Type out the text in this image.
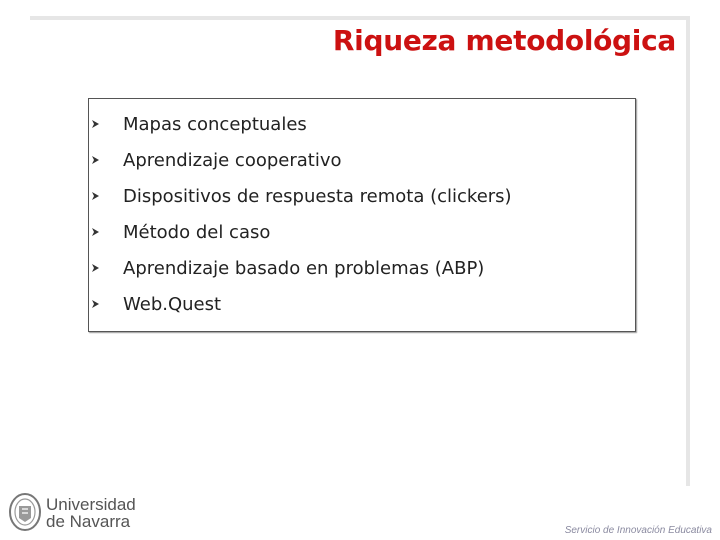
Riqueza metodológica
Mapas conceptuales
Aprendizaje cooperativo
Dispositivos de respuesta remota (clickers)
Método del caso
Aprendizaje basado en problemas (ABP)
Web.Quest
Universidad
de Navarra	Servicio de Innovación Educativa
